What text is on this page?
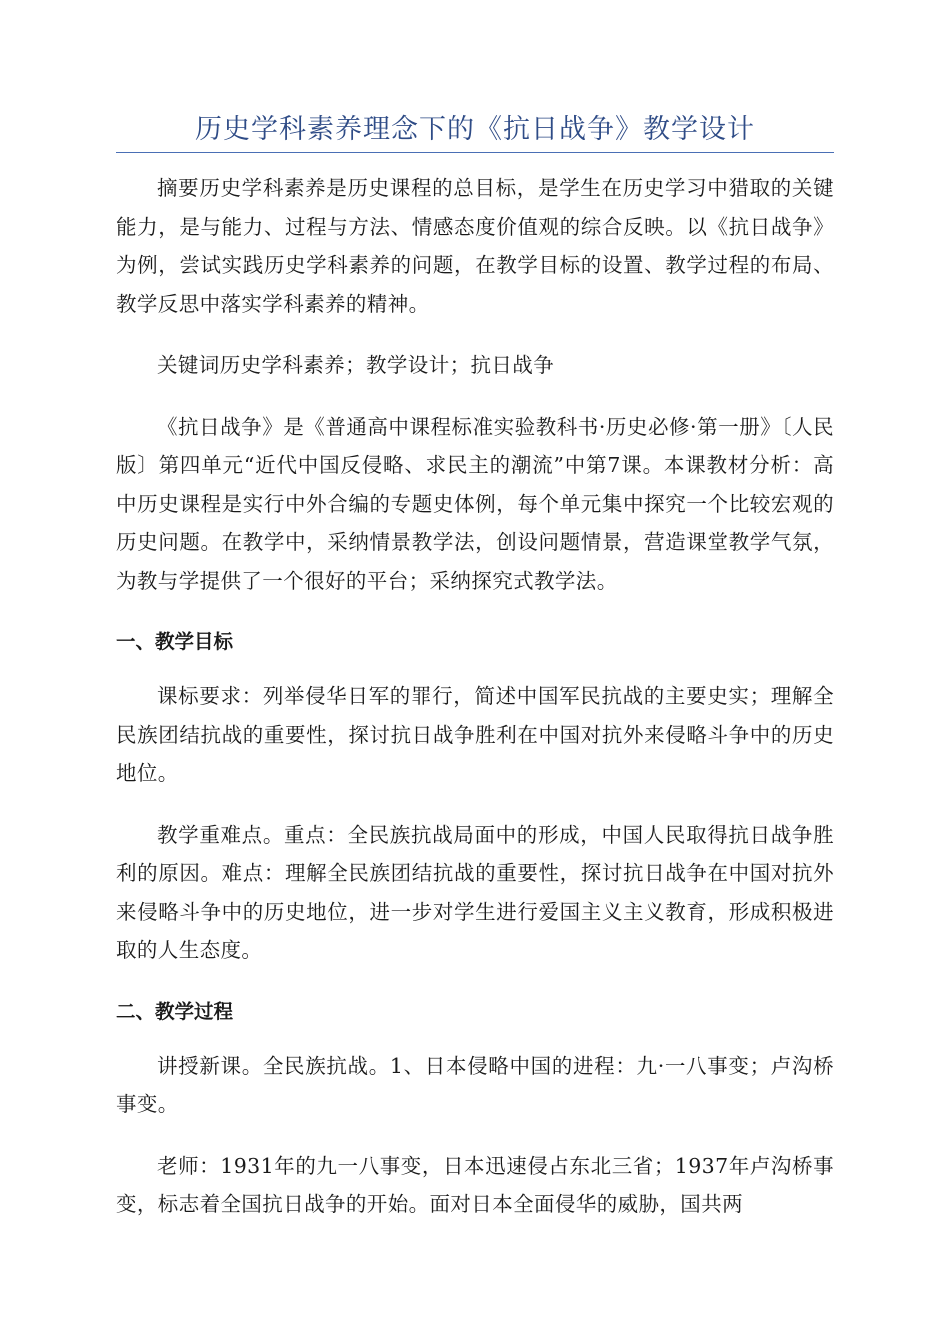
历史学科素养理念下的《抗日战争》教学设计

摘要历史学科素养是历史课程的总目标，是学生在历史学习中猎取的关键能力，是与能力、过程与方法、情感态度价值观的综合反映。以《抗日战争》为例，尝试实践历史学科素养的问题，在教学目标的设置、教学过程的布局、教学反思中落实学科素养的精神。

关键词历史学科素养；教学设计；抗日战争

《抗日战争》是《普通高中课程标准实验教科书·历史必修·第一册》〔人民版〕第四单元“近代中国反侵略、求民主的潮流”中第7课。本课教材分析：高中历史课程是实行中外合编的专题史体例，每个单元集中探究一个比较宏观的历史问题。在教学中，采纳情景教学法，创设问题情景，营造课堂教学气氛，为教与学提供了一个很好的平台；采纳探究式教学法。

一、教学目标

课标要求：列举侵华日军的罪行，简述中国军民抗战的主要史实；理解全民族团结抗战的重要性，探讨抗日战争胜利在中国对抗外来侵略斗争中的历史地位。

教学重难点。重点：全民族抗战局面中的形成，中国人民取得抗日战争胜利的原因。难点：理解全民族团结抗战的重要性，探讨抗日战争在中国对抗外来侵略斗争中的历史地位，进一步对学生进行爱国主义主义教育，形成积极进取的人生态度。

二、教学过程

讲授新课。全民族抗战。1、日本侵略中国的进程：九·一八事变；卢沟桥事变。

老师：1931年的九一八事变，日本迅速侵占东北三省；1937年卢沟桥事变，标志着全国抗日战争的开始。面对日本全面侵华的威胁，国共两
